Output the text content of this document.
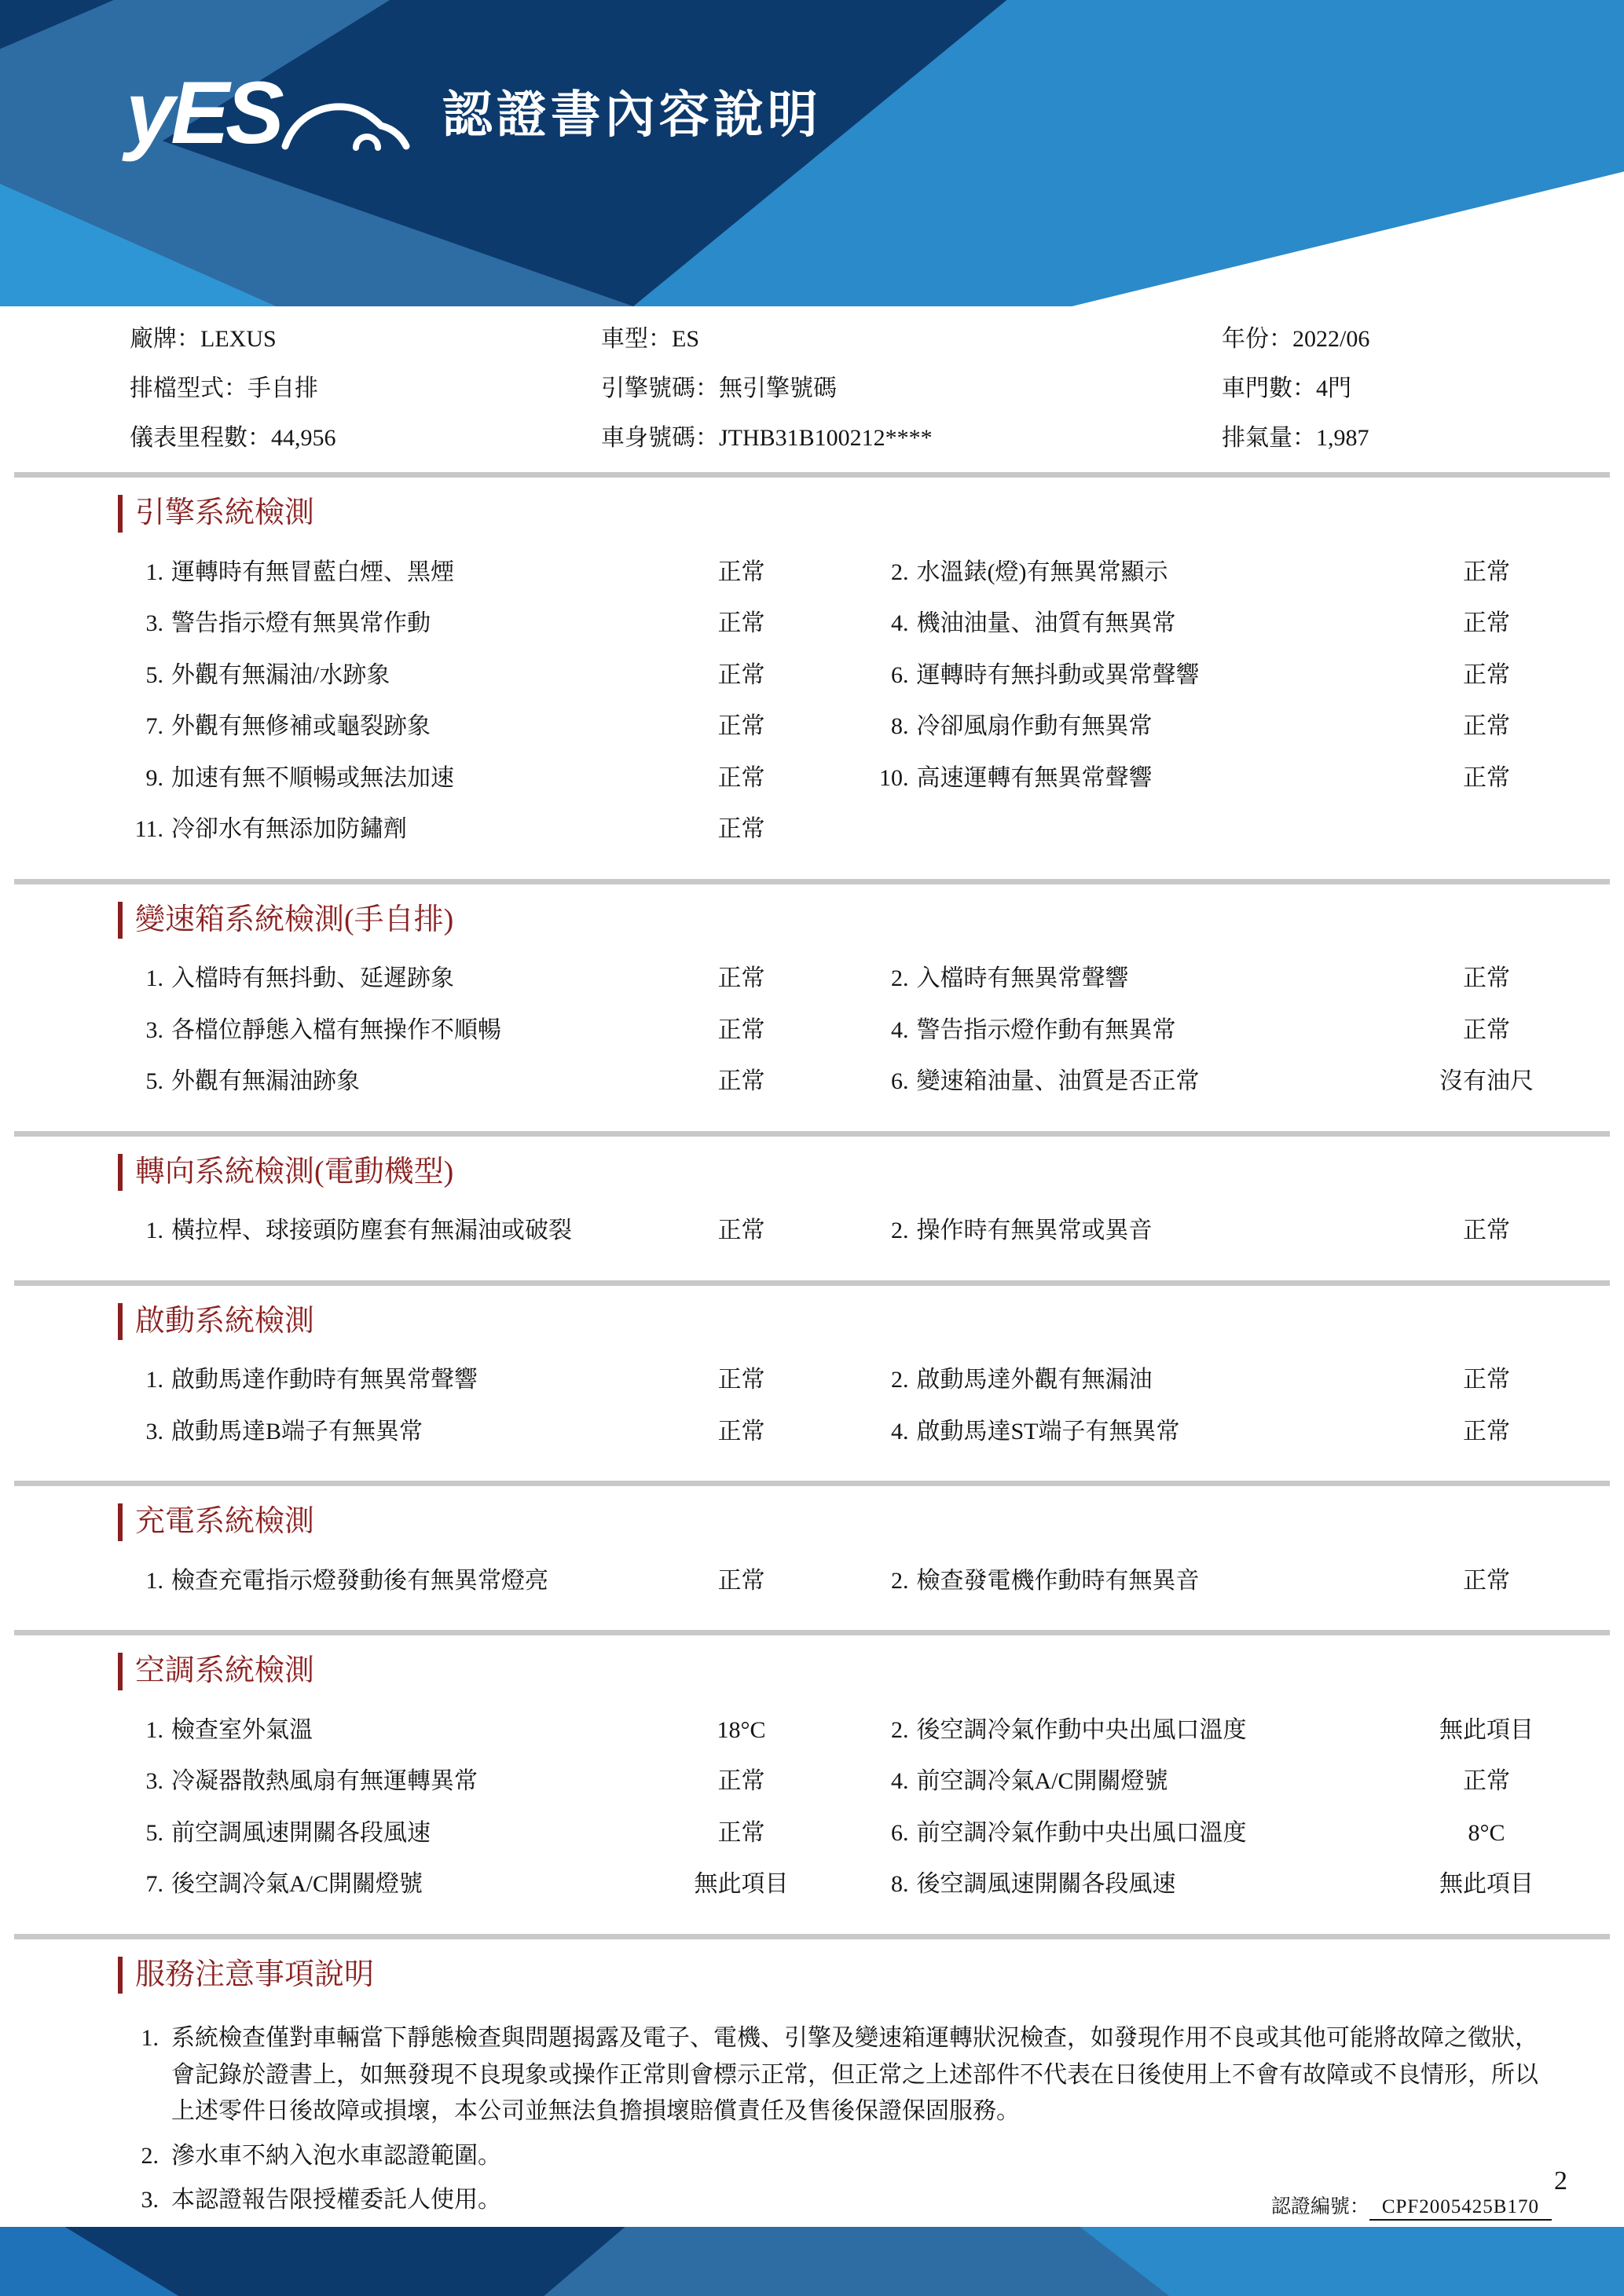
yES	認證書內容說明
廠牌：LEXUS	車型：ES	年份：2022/06
排檔型式：手自排	引擎號碼：無引擎號碼	車門數：4門
儀表里程數：44,956	車身號碼：JTHB31B100212****	排氣量：1,987
引擎系統檢測
1. 運轉時有無冒藍白煙、黑煙	正常	2. 水溫錶(燈)有無異常顯示	正常
3. 警告指示燈有無異常作動	正常	4. 機油油量、油質有無異常	正常
5. 外觀有無漏油/水跡象	正常	6. 運轉時有無抖動或異常聲響	正常
7. 外觀有無修補或龜裂跡象	正常	8. 冷卻風扇作動有無異常	正常
9. 加速有無不順暢或無法加速	正常	10. 高速運轉有無異常聲響	正常
11. 冷卻水有無添加防鏽劑	正常
變速箱系統檢測(手自排)
1. 入檔時有無抖動、延遲跡象	正常	2. 入檔時有無異常聲響	正常
3. 各檔位靜態入檔有無操作不順暢	正常	4. 警告指示燈作動有無異常	正常
5. 外觀有無漏油跡象	正常	6. 變速箱油量、油質是否正常	沒有油尺
轉向系統檢測(電動機型)
1. 橫拉桿、球接頭防塵套有無漏油或破裂	正常	2. 操作時有無異常或異音	正常
啟動系統檢測
1. 啟動馬達作動時有無異常聲響	正常	2. 啟動馬達外觀有無漏油	正常
3. 啟動馬達B端子有無異常	正常	4. 啟動馬達ST端子有無異常	正常
充電系統檢測
1. 檢查充電指示燈發動後有無異常燈亮	正常	2. 檢查發電機作動時有無異音	正常
空調系統檢測
1. 檢查室外氣溫	18°C	2. 後空調冷氣作動中央出風口溫度	無此項目
3. 冷凝器散熱風扇有無運轉異常	正常	4. 前空調冷氣A/C開關燈號	正常
5. 前空調風速開關各段風速	正常	6. 前空調冷氣作動中央出風口溫度	8°C
7. 後空調冷氣A/C開關燈號	無此項目	8. 後空調風速開關各段風速	無此項目
服務注意事項說明
1. 系統檢查僅對車輛當下靜態檢查與問題揭露及電子、電機、引擎及變速箱運轉狀況檢查，如發現作用不良或其他可能將故障之徵狀，會記錄於證書上，如無發現不良現象或操作正常則會標示正常，但正常之上述部件不代表在日後使用上不會有故障或不良情形，所以上述零件日後故障或損壞，本公司並無法負擔損壞賠償責任及售後保證保固服務。
2. 滲水車不納入泡水車認證範圍。
3. 本認證報告限授權委託人使用。	認證編號： CPF2005425B170
2
